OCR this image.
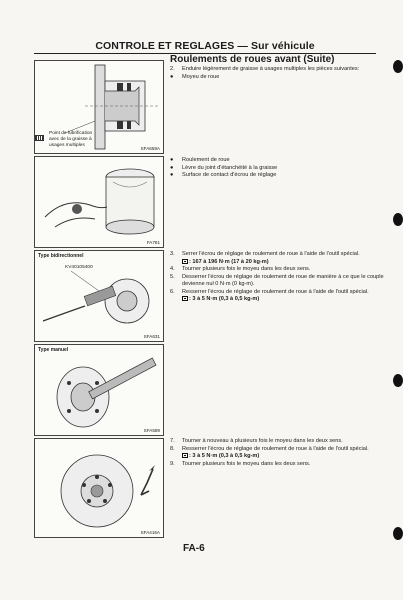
CONTROLE ET REGLAGES — Sur véhicule
Roulements de roues avant (Suite)
Point de lubrification avec de la graisse à usages multiples
SFA659A
FA781
Type bidirectionnel
KV40105400
SFA631
Type manuel
SFA589
SFA416A
2. Enduire légèrement de graisse à usages multiples les pièces suivantes:
● Moyeu de roue
● Roulement de roue
● Lèvre du joint d'étanchéité à la graisse
● Surface de contact d'écrou de réglage
3. Serrer l'écrou de réglage de roulement de roue à l'aide de l'outil spécial.
: 167 à 196 N·m (17 à 20 kg-m)
4. Tourner plusieurs fois le moyeu dans les deux sens.
5. Desserrer l'écrou de réglage de roulement de roue de manière à ce que le couple devienne nul 0 N·m (0 kg-m).
6. Resserrer l'écrou de réglage de roulement de roue à l'aide de l'outil spécial.
: 3 à 5 N·m (0,3 à 0,5 kg-m)
7. Tourner à nouveau à plusieurs fois le moyeu dans les deux sens.
8. Resserrer l'écrou de réglage de roulement de roue à l'aide de l'outil spécial.
: 3 à 5 N·m (0,3 à 0,5 kg-m)
9. Tourner plusieurs fois le moyeu dans les deux sens.
FA-6
